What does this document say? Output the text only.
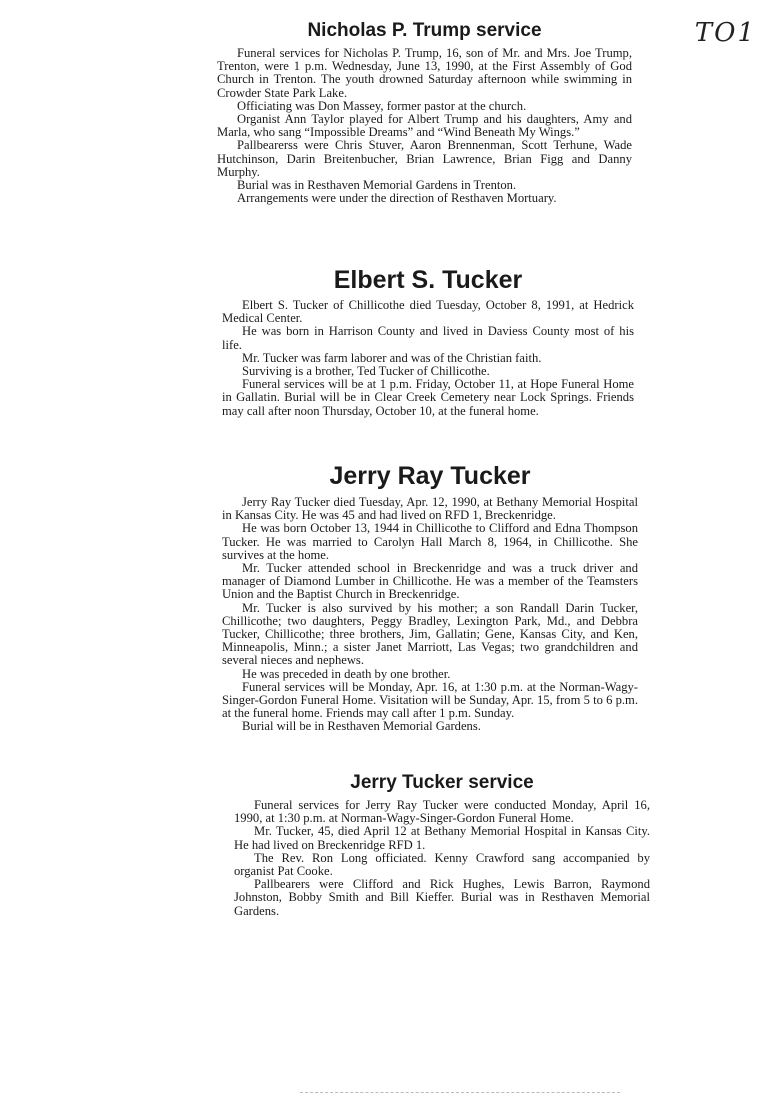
TO1
Nicholas P. Trump service

Funeral services for Nicholas P. Trump, 16, son of Mr. and Mrs. Joe Trump, Trenton, were 1 p.m. Wednesday, June 13, 1990, at the First Assembly of God Church in Trenton. The youth drowned Saturday afternoon while swimming in Crowder State Park Lake.

Officiating was Don Massey, former pastor at the church.

Organist Ann Taylor played for Albert Trump and his daughters, Amy and Marla, who sang “Impossible Dreams” and “Wind Beneath My Wings.”

Pallbearerss were Chris Stuver, Aaron Brennenman, Scott Terhune, Wade Hutchinson, Darin Breitenbucher, Brian Lawrence, Brian Figg and Danny Murphy.

Burial was in Resthaven Memorial Gardens in Trenton.

Arrangements were under the direction of Resthaven Mortuary.

Elbert S. Tucker

Elbert S. Tucker of Chillicothe died Tuesday, October 8, 1991, at Hedrick Medical Center.

He was born in Harrison County and lived in Daviess County most of his life.

Mr. Tucker was farm laborer and was of the Christian faith.

Surviving is a brother, Ted Tucker of Chillicothe.

Funeral services will be at 1 p.m. Friday, October 11, at Hope Funeral Home in Gallatin. Burial will be in Clear Creek Cemetery near Lock Springs. Friends may call after noon Thursday, October 10, at the funeral home.

Jerry Ray Tucker

Jerry Ray Tucker died Tuesday, Apr. 12, 1990, at Bethany Memorial Hospital in Kansas City. He was 45 and had lived on RFD 1, Breckenridge.

He was born October 13, 1944 in Chillicothe to Clifford and Edna Thompson Tucker. He was married to Carolyn Hall March 8, 1964, in Chillicothe. She survives at the home.

Mr. Tucker attended school in Breckenridge and was a truck driver and manager of Diamond Lumber in Chillicothe. He was a member of the Teamsters Union and the Baptist Church in Breckenridge.

Mr. Tucker is also survived by his mother; a son Randall Darin Tucker, Chillicothe; two daughters, Peggy Bradley, Lexington Park, Md., and Debbra Tucker, Chillicothe; three brothers, Jim, Gallatin; Gene, Kansas City, and Ken, Minneapolis, Minn.; a sister Janet Marriott, Las Vegas; two grandchildren and several nieces and nephews.

He was preceded in death by one brother.

Funeral services will be Monday, Apr. 16, at 1:30 p.m. at the Norman-Wagy-Singer-Gordon Funeral Home. Visitation will be Sunday, Apr. 15, from 5 to 6 p.m. at the funeral home. Friends may call after 1 p.m. Sunday.

Burial will be in Resthaven Memorial Gardens.

Jerry Tucker service

Funeral services for Jerry Ray Tucker were conducted Monday, April 16, 1990, at 1:30 p.m. at Norman-Wagy-Singer-Gordon Funeral Home.

Mr. Tucker, 45, died April 12 at Bethany Memorial Hospital in Kansas City. He had lived on Breckenridge RFD 1.

The Rev. Ron Long officiated. Kenny Crawford sang accompanied by organist Pat Cooke.

Pallbearers were Clifford and Rick Hughes, Lewis Barron, Raymond Johnston, Bobby Smith and Bill Kieffer. Burial was in Resthaven Memorial Gardens.
